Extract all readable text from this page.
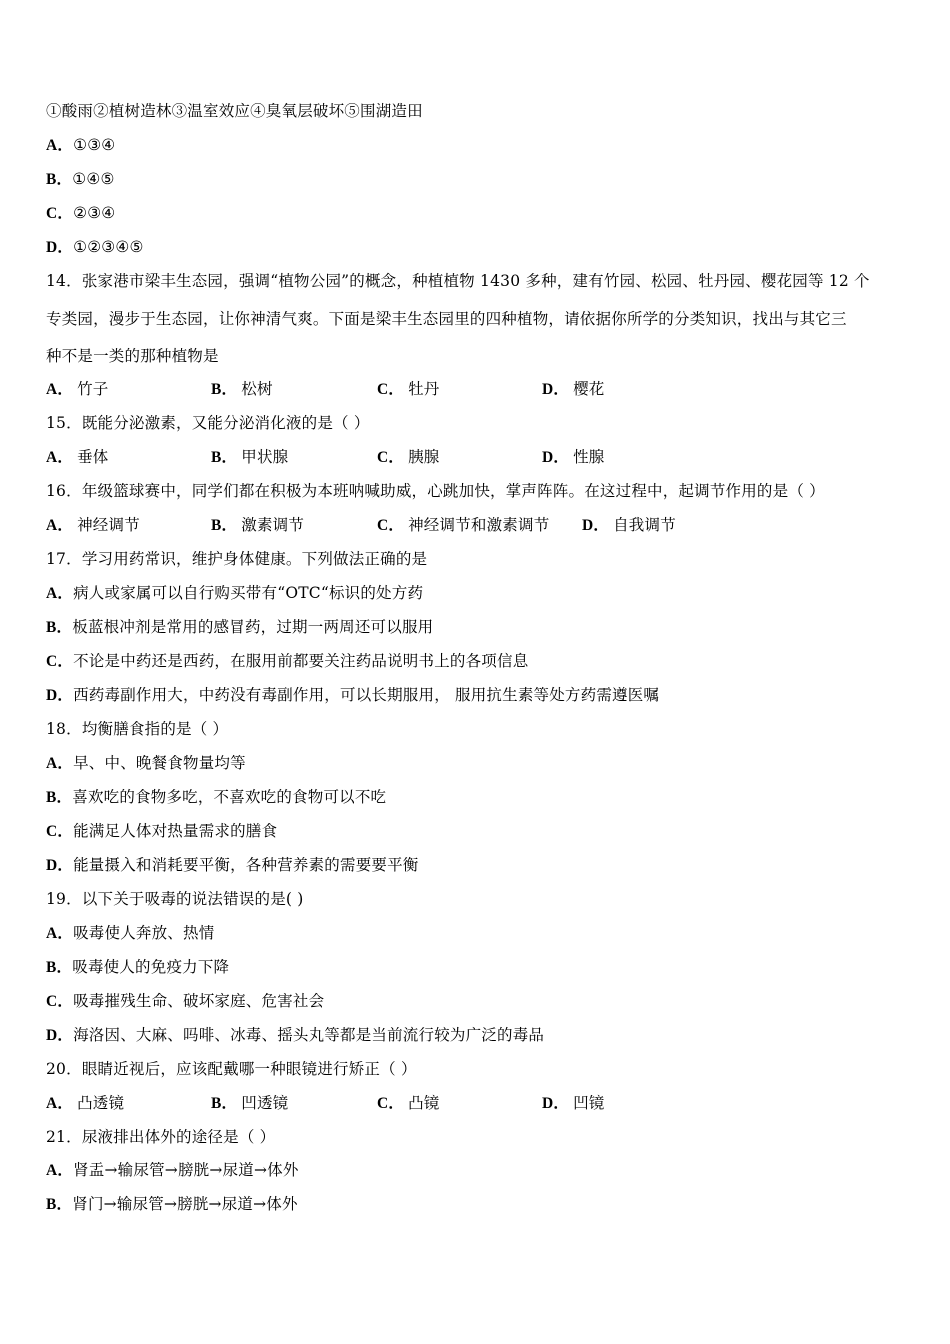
①酸雨②植树造林③温室效应④臭氧层破坏⑤围湖造田
A．①③④
B．①④⑤
C．②③④
D．①②③④⑤
14．张家港市梁丰生态园，强调“植物公园”的概念，种植植物 1430 多种，建有竹园、松园、牡丹园、樱花园等 12 个
专类园，漫步于生态园，让你神清气爽。下面是梁丰生态园里的四种植物，请依据你所学的分类知识，找出与其它三
种不是一类的那种植物是
A． 竹子	B． 松树	C． 牡丹	D． 樱花
15．既能分泌激素，又能分泌消化液的是（ ）
A． 垂体	B． 甲状腺	C． 胰腺	D． 性腺
16．年级篮球赛中，同学们都在积极为本班呐喊助威，心跳加快，掌声阵阵。在这过程中，起调节作用的是（ ）
A． 神经调节	B． 激素调节	C． 神经调节和激素调节 D． 自我调节
17．学习用药常识，维护身体健康。下列做法正确的是
A．病人或家属可以自行购买带有“OTC“标识的处方药
B．板蓝根冲剂是常用的感冒药，过期一两周还可以服用
C．不论是中药还是西药，在服用前都要关注药品说明书上的各项信息
D．西药毒副作用大，中药没有毒副作用，可以长期服用， 服用抗生素等处方药需遵医嘱
18．均衡膳食指的是（ ）
A．早、中、晚餐食物量均等
B．喜欢吃的食物多吃，不喜欢吃的食物可以不吃
C．能满足人体对热量需求的膳食
D．能量摄入和消耗要平衡，各种营养素的需要要平衡
19．以下关于吸毒的说法错误的是( )
A．吸毒使人奔放、热情
B．吸毒使人的免疫力下降
C．吸毒摧残生命、破坏家庭、危害社会
D．海洛因、大麻、吗啡、冰毒、摇头丸等都是当前流行较为广泛的毒品
20．眼睛近视后，应该配戴哪一种眼镜进行矫正（ ）
A． 凸透镜	B． 凹透镜	C． 凸镜	D． 凹镜
21．尿液排出体外的途径是（ ）
A．肾盂→输尿管→膀胱→尿道→体外
B．肾门→输尿管→膀胱→尿道→体外
